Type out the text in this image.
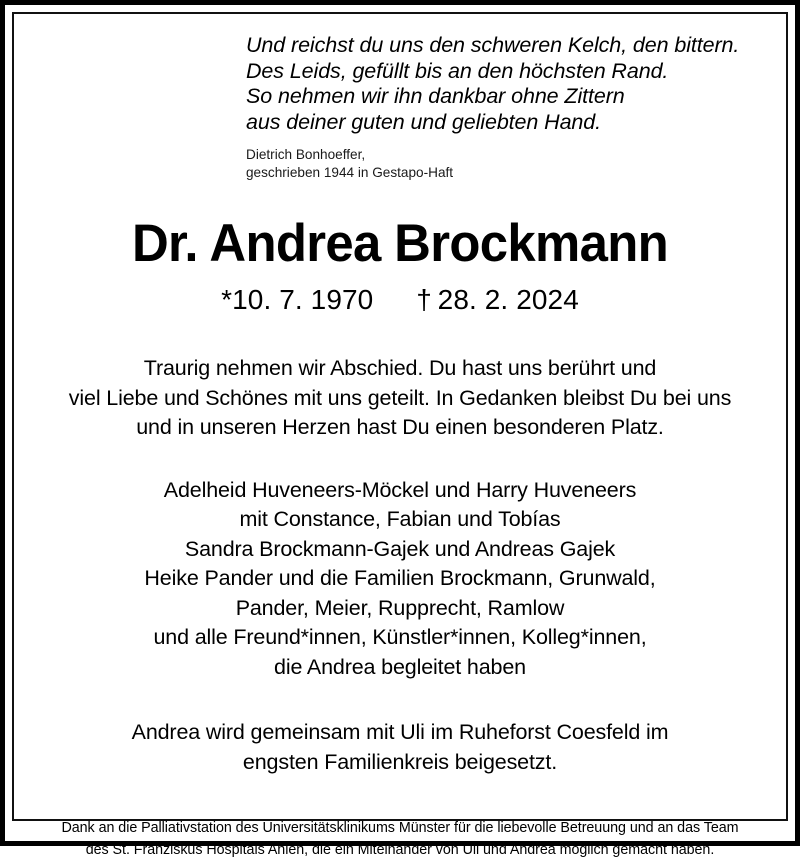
Und reichst du uns den schweren Kelch, den bittern.
Des Leids, gefüllt bis an den höchsten Rand.
So nehmen wir ihn dankbar ohne Zittern
aus deiner guten und geliebten Hand.
Dietrich Bonhoeffer,
geschrieben 1944 in Gestapo-Haft
Dr. Andrea Brockmann
*10. 7. 1970 †  28. 2. 2024
Traurig nehmen wir Abschied. Du hast uns berührt und
viel Liebe und Schönes mit uns geteilt. In Gedanken bleibst Du bei uns
und in unseren Herzen hast Du einen besonderen Platz.
Adelheid Huveneers-Möckel und Harry Huveneers
mit Constance, Fabian und Tobías
Sandra Brockmann-Gajek und Andreas Gajek
Heike Pander und die Familien Brockmann, Grunwald,
Pander, Meier, Rupprecht, Ramlow
und alle Freund*innen, Künstler*innen, Kolleg*innen,
die Andrea begleitet haben
Andrea wird gemeinsam mit Uli im Ruheforst Coesfeld im
engsten Familienkreis beigesetzt.
Dank an die Palliativstation des Universitätsklinikums Münster für die liebevolle Betreuung und an das Team
des St. Franziskus Hospitals Ahlen, die ein Miteinander von Uli und Andrea möglich gemacht haben.
